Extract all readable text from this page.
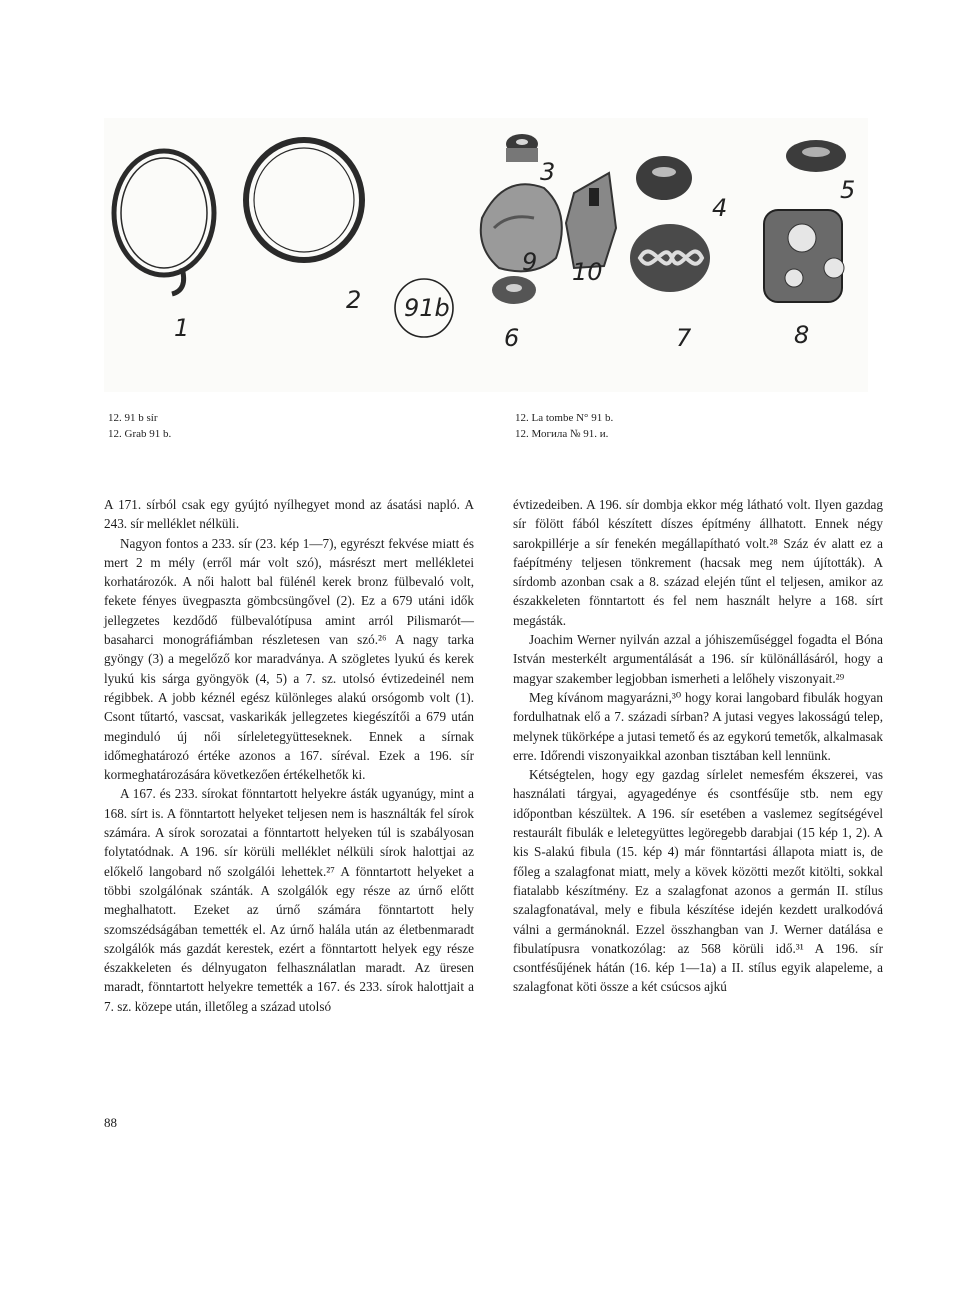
91b
1
2
3
4
5
6	7	8
9 10
12. 91 b sír
12. Grab 91 b.
12. La tombe N° 91 b.
12. Могила № 91. и.

A 171. sírból csak egy gyújtó nyílhegyet mond az ásatási napló. A 243. sír melléklet nélküli.

Nagyon fontos a 233. sír (23. kép 1—7), egyrészt fekvése miatt és mert 2 m mély (erről már volt szó), másrészt mert mellékletei korhatározók. A női halott bal fülénél kerek bronz fülbevaló volt, fekete fényes üvegpaszta gömbcsüngővel (2). Ez a 679 utáni idők jellegzetes kezdődő fülbevalótípusa amint arról Pilismarót—basaharci monográfiámban részletesen van szó.²⁶ A nagy tarka gyöngy (3) a megelőző kor maradványa. A szögletes lyukú és kerek lyukú kis sárga gyöngyök (4, 5) a 7. sz. utolsó évtizedeinél nem régibbek. A jobb kéznél egész különleges alakú orsógomb volt (1). Csont tűtartó, vascsat, vaskarikák jellegzetes kiegészítői a 679 után meginduló új női sírleletegyütteseknek. Ennek a sírnak időmeghatározó értéke azonos a 167. síréval. Ezek a 196. sír kormeghatározására következően értékelhetők ki.

A 167. és 233. sírokat fönntartott helyekre ásták ugyanúgy, mint a 168. sírt is. A fönntartott helyeket teljesen nem is használták fel sírok számára. A sírok sorozatai a fönntartott helyeken túl is szabályosan folytatódnak. A 196. sír körüli melléklet nélküli sírok halottjai az előkelő langobard nő szolgálói lehettek.²⁷ A fönntartott helyeket a többi szolgálónak szánták. A szolgálók egy része az úrnő előtt meghalhatott. Ezeket az úrnő számára fönntartott hely szomszédságában temették el. Az úrnő halála után az életbenmaradt szolgálók más gazdát kerestek, ezért a fönntartott helyek egy része északkeleten és délnyugaton felhasználatlan maradt. Az üresen maradt, fönntartott helyekre temették a 167. és 233. sírok halottjait a 7. sz. közepe után, illetőleg a század utolsó

évtizedeiben. A 196. sír dombja ekkor még látható volt. Ilyen gazdag sír fölött fából készített díszes építmény állhatott. Ennek négy sarokpillérje a sír fenekén megállapítható volt.²⁸ Száz év alatt ez a faépítmény teljesen tönkrement (hacsak meg nem újították). A sírdomb azonban csak a 8. század elején tűnt el teljesen, amikor az északkeleten fönntartott és fel nem használt helyre a 168. sírt megásták.

Joachim Werner nyilván azzal a jóhiszeműséggel fogadta el Bóna István mesterkélt argumentálását a 196. sír különállásáról, hogy a magyar szakember legjobban ismerheti a lelőhely viszonyait.²⁹

Meg kívánom magyarázni,³⁰ hogy korai langobard fibulák hogyan fordulhatnak elő a 7. századi sírban? A jutasi vegyes lakosságú telep, melynek tükörképe a jutasi temető és az egykorú temetők, alkalmasak erre. Időrendi viszonyaikkal azonban tisztában kell lennünk.

Kétségtelen, hogy egy gazdag sírlelet nemesfém ékszerei, vas használati tárgyai, agyagedénye és csontfésűje stb. nem egy időpontban készültek. A 196. sír esetében a vaslemez segítségével restaurált fibulák e leletegyüttes legöregebb darabjai (15 kép 1, 2). A kis S-alakú fibula (15. kép 4) már fönntartási állapota miatt is, de főleg a szalagfonat miatt, mely a kövek közötti mezőt kitölti, sokkal fiatalabb készítmény. Ez a szalagfonat azonos a germán II. stílus szalagfonatával, mely e fibula készítése idején kezdett uralkodóvá válni a germánoknál. Ezzel összhangban van J. Werner datálása e fibulatípusra vonatkozólag: az 568 körüli idő.³¹ A 196. sír csontfésűjének hátán (16. kép 1—1a) a II. stílus egyik alapeleme, a szalagfonat köti össze a két csúcsos ajkú

88
